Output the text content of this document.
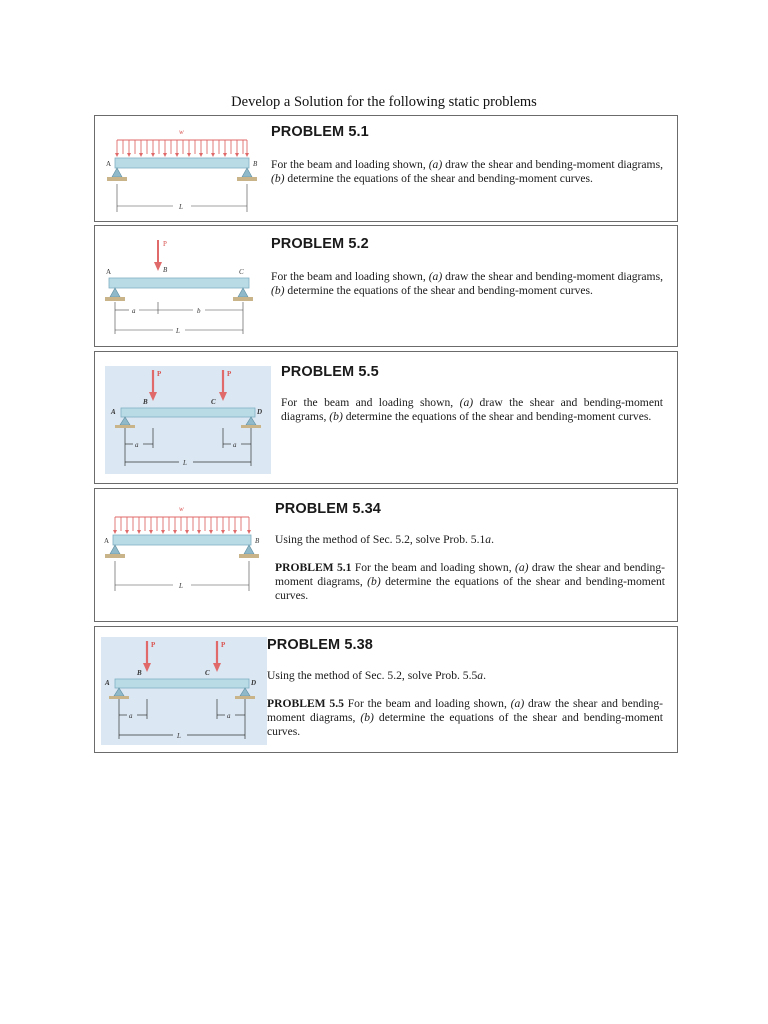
Develop a Solution for the following static problems
w
A	B
L
PROBLEM 5.1
For the beam and loading shown, (a) draw the shear and bending-moment diagrams, (b) determine the equations of the shear and bending-moment curves.
P
B
A	C
a	b
L
PROBLEM 5.2
For the beam and loading shown, (a) draw the shear and bending-moment diagrams, (b) determine the equations of the shear and bending-moment curves.
P	P
B	C
A	D
a	a
L
PROBLEM 5.5
For the beam and loading shown, (a) draw the shear and bending-moment diagrams, (b) determine the equations of the shear and bending-moment curves.
w
A	B
L
PROBLEM 5.34
Using the method of Sec. 5.2, solve Prob. 5.1a.
PROBLEM 5.1 For the beam and loading shown, (a) draw the shear and bending-moment diagrams, (b) determine the equations of the shear and bending-moment curves.
P	P
B	C
A	D
a	a
L
PROBLEM 5.38
Using the method of Sec. 5.2, solve Prob. 5.5a.
PROBLEM 5.5 For the beam and loading shown, (a) draw the shear and bending-moment diagrams, (b) determine the equations of the shear and bending-moment curves.
